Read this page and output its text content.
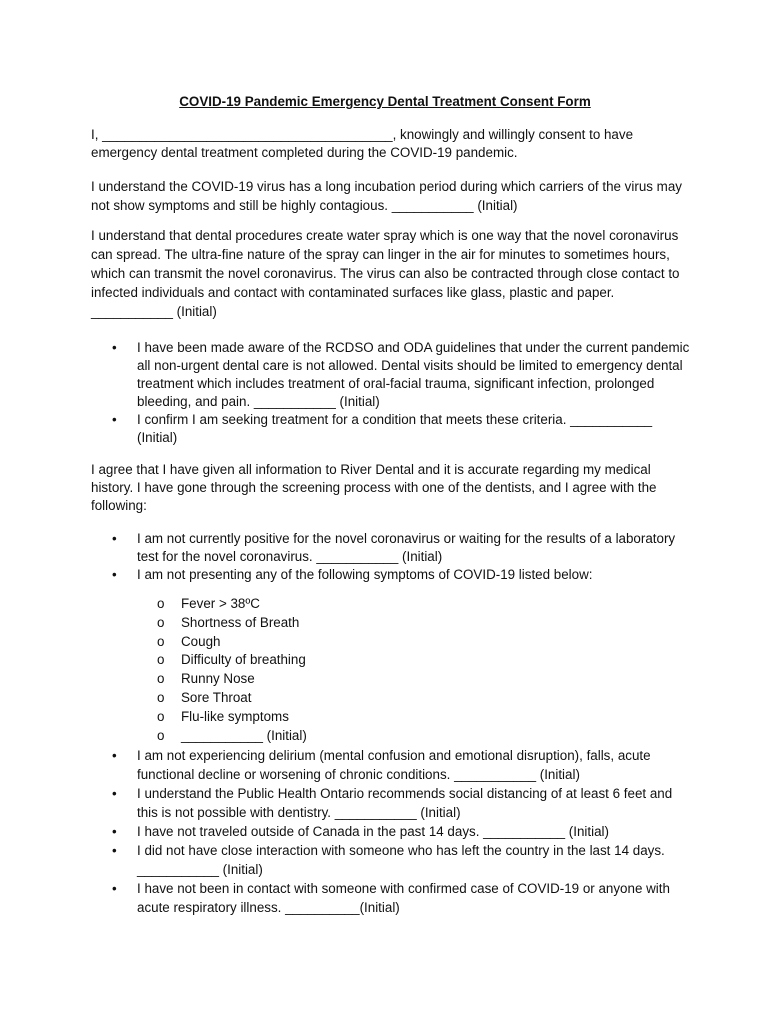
COVID-19 Pandemic Emergency Dental Treatment Consent Form
I, _______________________________________, knowingly and willingly consent to have emergency dental treatment completed during the COVID-19 pandemic.
I understand the COVID-19 virus has a long incubation period during which carriers of the virus may not show symptoms and still be highly contagious. ___________ (Initial)
I understand that dental procedures create water spray which is one way that the novel coronavirus can spread. The ultra-fine nature of the spray can linger in the air for minutes to sometimes hours, which can transmit the novel coronavirus. The virus can also be contracted through close contact to infected individuals and contact with contaminated surfaces like glass, plastic and paper. ___________ (Initial)
• I have been made aware of the RCDSO and ODA guidelines that under the current pandemic all non-urgent dental care is not allowed. Dental visits should be limited to emergency dental treatment which includes treatment of oral-facial trauma, significant infection, prolonged bleeding, and pain. ___________ (Initial)
• I confirm I am seeking treatment for a condition that meets these criteria. ___________ (Initial)
I agree that I have given all information to River Dental and it is accurate regarding my medical history. I have gone through the screening process with one of the dentists, and I agree with the following:
• I am not currently positive for the novel coronavirus or waiting for the results of a laboratory test for the novel coronavirus. ___________ (Initial)
• I am not presenting any of the following symptoms of COVID-19 listed below:
o Fever > 38ºC
o Shortness of Breath
o Cough
o Difficulty of breathing
o Runny Nose
o Sore Throat
o Flu-like symptoms
o ___________ (Initial)
• I am not experiencing delirium (mental confusion and emotional disruption), falls, acute functional decline or worsening of chronic conditions. ___________ (Initial)
• I understand the Public Health Ontario recommends social distancing of at least 6 feet and this is not possible with dentistry. ___________ (Initial)
• I have not traveled outside of Canada in the past 14 days. ___________ (Initial)
• I did not have close interaction with someone who has left the country in the last 14 days. ___________ (Initial)
• I have not been in contact with someone with confirmed case of COVID-19 or anyone with acute respiratory illness. __________(Initial)
